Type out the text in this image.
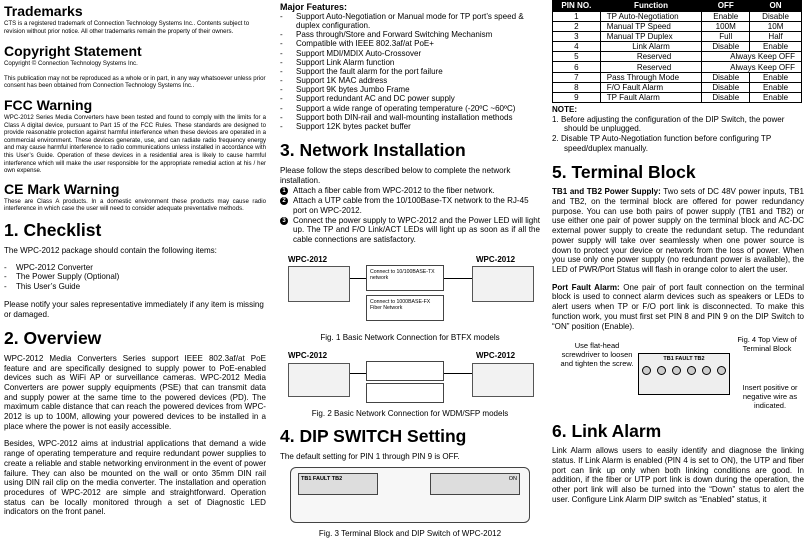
Trademarks

CTS is a registered trademark of Connection Technology Systems Inc.. Contents subject to revision without prior notice. All other trademarks remain the property of their owners.

Copyright Statement

Copyright © Connection Technology Systems Inc.

This publication may not be reproduced as a whole or in part, in any way whatsoever unless prior consent has been obtained from Connection Technology Systems Inc..

FCC Warning

WPC-2012 Series Media Converters have been tested and found to comply with the limits for a Class A digital device, pursuant to Part 15 of the FCC Rules. These standards are designed to provide reasonable protection against harmful interference when these devices are operated in a commercial environment. These devices generate, use, and can radiate radio frequency energy and may cause harmful interference to radio communications unless installed in accordance with this User’s Guide. Operation of these devices in a residential area is likely to cause harmful interference which will make the user responsible for the appropriate remedial action at his / her own expense.

CE Mark Warning

These are Class A products. In a domestic environment these products may cause radio interference in which case the user will need to consider adequate preventative methods.

1. Checklist

The WPC-2012 package should contain the following items:

- WPC-2012 Converter
- The Power Supply (Optional)
- This User’s Guide

Please notify your sales representative immediately if any item is missing or damaged.

2. Overview

WPC-2012 Media Converters Series support IEEE 802.3af/at PoE feature and are specifically designed to supply power to PoE-enabled devices such as WiFi AP or surveillance cameras. WPC-2012 Media Converters are power supply equipments (PSE) that can transmit data and supply power at the same time to the powered devices (PD). The maximum cable distance that can reach the powered devices from WPC-2012 is up to 100M, allowing your powered devices to be installed in a place where the power is not easily accessible.

Besides, WPC-2012 aims at industrial applications that demand a wide range of operating temperature and require redundant power supplies to create a reliable and stable networking environment in the event of power failure. They can also be mounted on the wall or onto 35mm DIN rail using DIN rail clip on the media converter. The installation and operation procedures of WPC-2012 are simple and straightforward. Operation status can be locally monitored through a set of Diagnostic LED indicators on the front panel.

Major Features:
- Support Auto-Negotiation or Manual mode for TP port’s speed & duplex configuration.
- Pass through/Store and Forward Switching Mechanism
- Compatible with IEEE 802.3af/at PoE+
- Support MDI/MDIX Auto-Crossover
- Support Link Alarm function
- Support the fault alarm for the port failure
- Support 1K MAC address
- Support 9K bytes Jumbo Frame
- Support redundant AC and DC power supply
- Support a wide range of operating temperature (-20ºC ~60ºC)
- Support both DIN-rail and wall-mounting installation methods
- Support 12K bytes packet buffer
3. Network Installation

Please follow the steps described below to complete the network installation.

1 Attach a fiber cable from WPC-2012 to the fiber network.
2 Attach a UTP cable from the 10/100Base-TX network to the RJ-45 port on WPC-2012.
3 Connect the power supply to WPC-2012 and the Power LED will light up. The TP and F/O Link/ACT LEDs will light up as soon as if all the cable connections are satisfactory.
WPC-2012	WPC-2012
Connect to 10/100BASE-TX network
Connect to 1000BASE-FX Fiber Network

Fig. 1 Basic Network Connection for BTFX models

WPC-2012	WPC-2012

Fig. 2 Basic Network Connection for WDM/SFP models

4. DIP SWITCH Setting

The default setting for PIN 1 through PIN 9 is OFF.

TB1 FAULT TB2	ON

Fig. 3 Terminal Block and DIP Switch of WPC-2012

PIN NO.	Function	OFF	ON
1	TP Auto-Negotiation	Enable	Disable
2	Manual TP Speed	100M	10M
3	Manual TP Duplex	Full	Half
4	Link Alarm	Disable	Enable
5	Reserved	Always Keep OFF	
6	Reserved	Always Keep OFF	
7	Pass Through Mode	Disable	Enable
8	F/O Fault Alarm	Disable	Enable
9	TP Fault Alarm	Disable	Enable

NOTE:

1. Before adjusting the configuration of the DIP Switch, the power should be unplugged.

2. Disable TP Auto-Negotiation function before configuring TP speed/duplex manually.

5. Terminal Block

TB1 and TB2 Power Supply: Two sets of DC 48V power inputs, TB1 and TB2, on the terminal block are offered for power redundancy purpose. You can use both pairs of power supply (TB1 and TB2) or use either one pair of power supply on the terminal block and AC-DC external power supply to create the redundant setup. The redundant power supply will take over seamlessly when one power source is down to protect your device or network from the loss of power. When you use only one power supply (no redundant power is available), the LED of PWR/Port Status will flash in orange color to alert the user.

Port Fault Alarm: One pair of port fault connection on the terminal block is used to connect alarm devices such as speakers or LEDs to alert users when TP or F/O port link is disconnected. To make this function work, you must first set PIN 8 and PIN 9 on the DIP Switch to “ON” position (Enable).

Use flat-head screwdriver to loosen and tighten the screw.
Fig. 4 Top View of Terminal Block
TB1 FAULT TB2
Insert positive or negative wire as indicated.
6. Link Alarm

Link Alarm allows users to easily identify and diagnose the linking status. If Link Alarm is enabled (PIN 4 is set to ON), the UTP and fiber port can link up only when both linking conditions are good. In addition, if the fiber or UTP port link is down during the operation, the other port link will also be turned into the “Down” status to alert the user. Configure Link Alarm DIP switch as “Enabled” status, it
